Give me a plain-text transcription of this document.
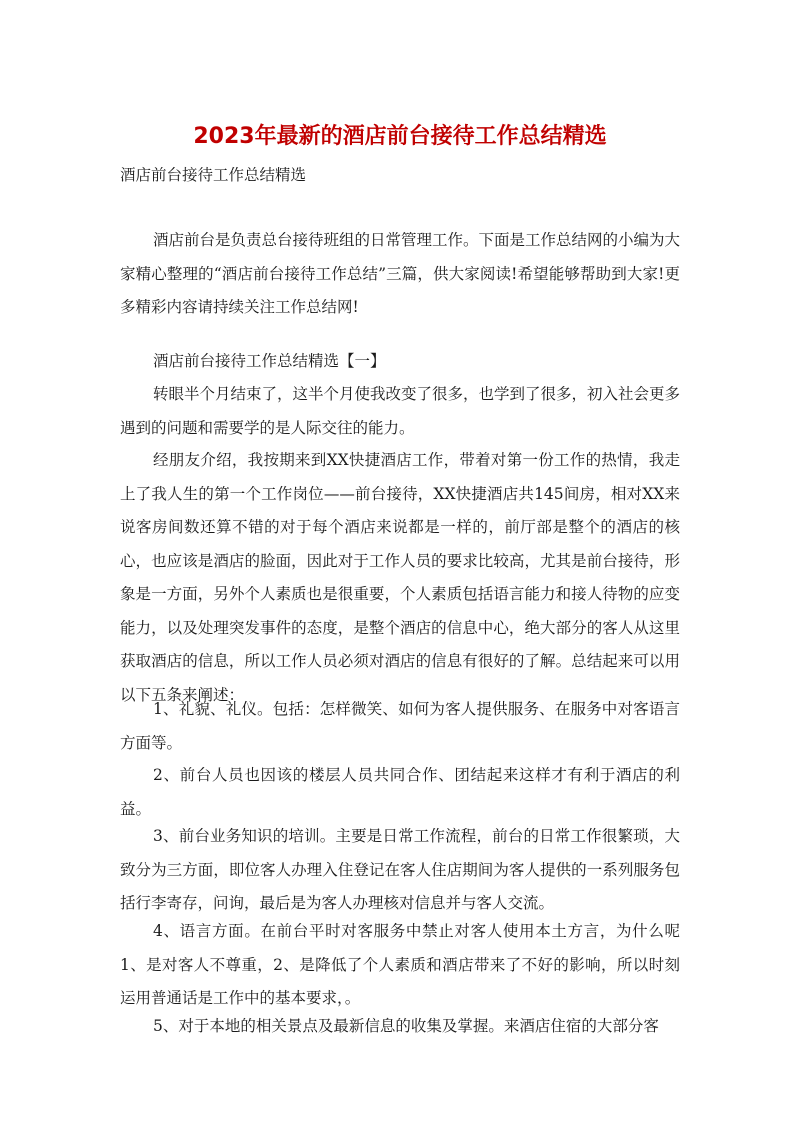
2023年最新的酒店前台接待工作总结精选
酒店前台接待工作总结精选
酒店前台是负责总台接待班组的日常管理工作。下面是工作总结网的小编为大家精心整理的“酒店前台接待工作总结”三篇，供大家阅读!希望能够帮助到大家!更多精彩内容请持续关注工作总结网!
酒店前台接待工作总结精选【一】
转眼半个月结束了，这半个月使我改变了很多，也学到了很多，初入社会更多遇到的问题和需要学的是人际交往的能力。
经朋友介绍，我按期来到XX快捷酒店工作，带着对第一份工作的热情，我走上了我人生的第一个工作岗位——前台接待，XX快捷酒店共145间房，相对XX来说客房间数还算不错的对于每个酒店来说都是一样的，前厅部是整个的酒店的核心，也应该是酒店的脸面，因此对于工作人员的要求比较高，尤其是前台接待，形象是一方面，另外个人素质也是很重要，个人素质包括语言能力和接人待物的应变能力，以及处理突发事件的态度，是整个酒店的信息中心，绝大部分的客人从这里获取酒店的信息，所以工作人员必须对酒店的信息有很好的了解。总结起来可以用以下五条来阐述：
1、礼貌、礼仪。包括：怎样微笑、如何为客人提供服务、在服务中对客语言方面等。
2、前台人员也因该的楼层人员共同合作、团结起来这样才有利于酒店的利益。
3、前台业务知识的培训。主要是日常工作流程，前台的日常工作很繁琐，大致分为三方面，即位客人办理入住登记在客人住店期间为客人提供的一系列服务包括行李寄存，问询，最后是为客人办理核对信息并与客人交流。
4、语言方面。在前台平时对客服务中禁止对客人使用本土方言，为什么呢1、是对客人不尊重，2、是降低了个人素质和酒店带来了不好的影响，所以时刻运用普通话是工作中的基本要求，。
5、对于本地的相关景点及最新信息的收集及掌握。来酒店住宿的大部分客
